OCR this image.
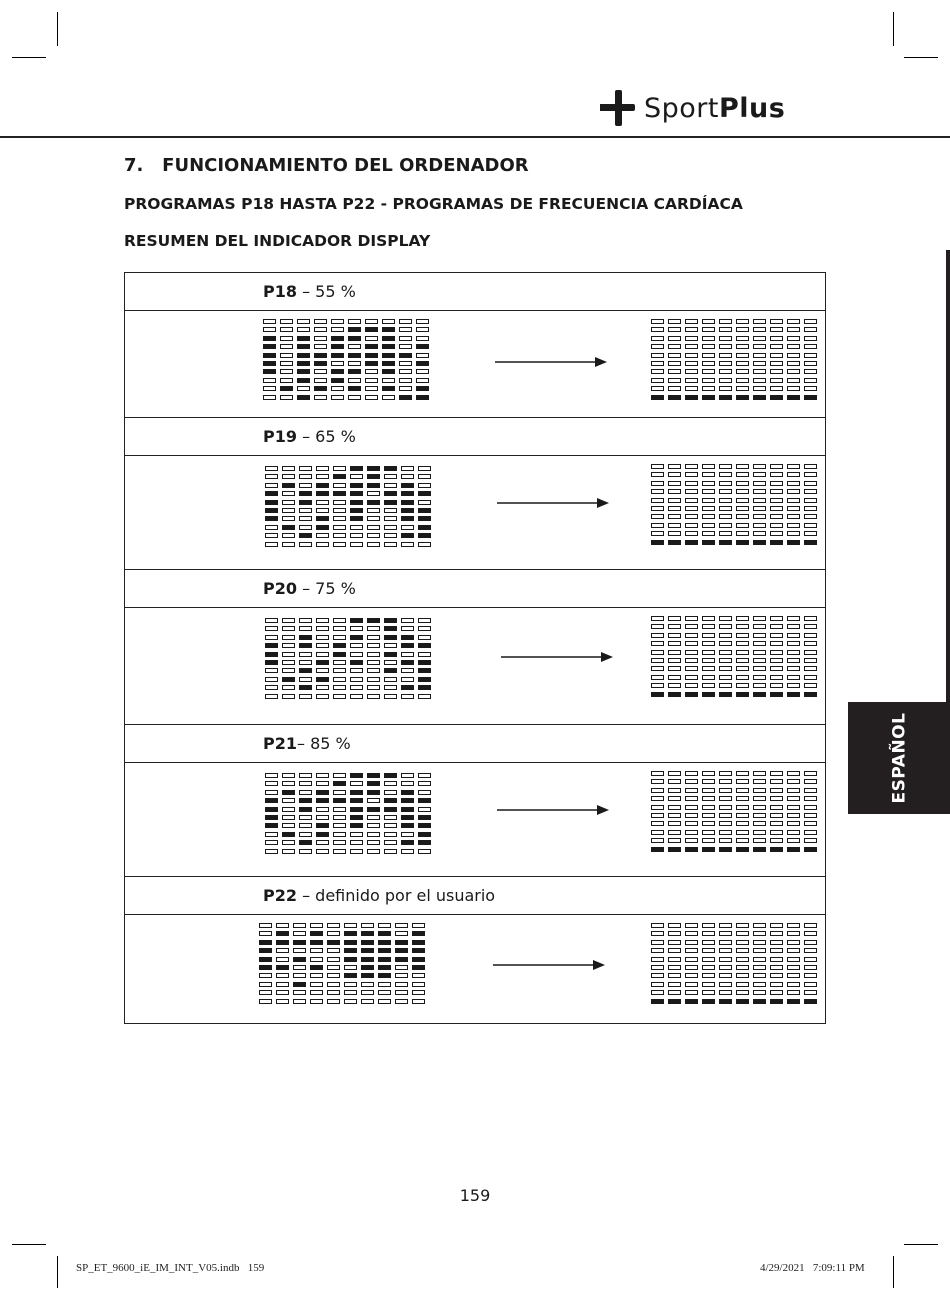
SportPlus
7.   FUNCIONAMIENTO DEL ORDENADOR
PROGRAMAS P18 HASTA P22 - PROGRAMAS DE FRECUENCIA CARDÍACA
RESUMEN DEL INDICADOR DISPLAY
ESPAÑOL
P18 – 55 %

P19 – 65 %

P20 – 75 %

P21– 85 %

P22 – definido por el usuario

159
SP_ET_9600_iE_IM_INT_V05.indb   159	4/29/2021   7:09:11 PM
